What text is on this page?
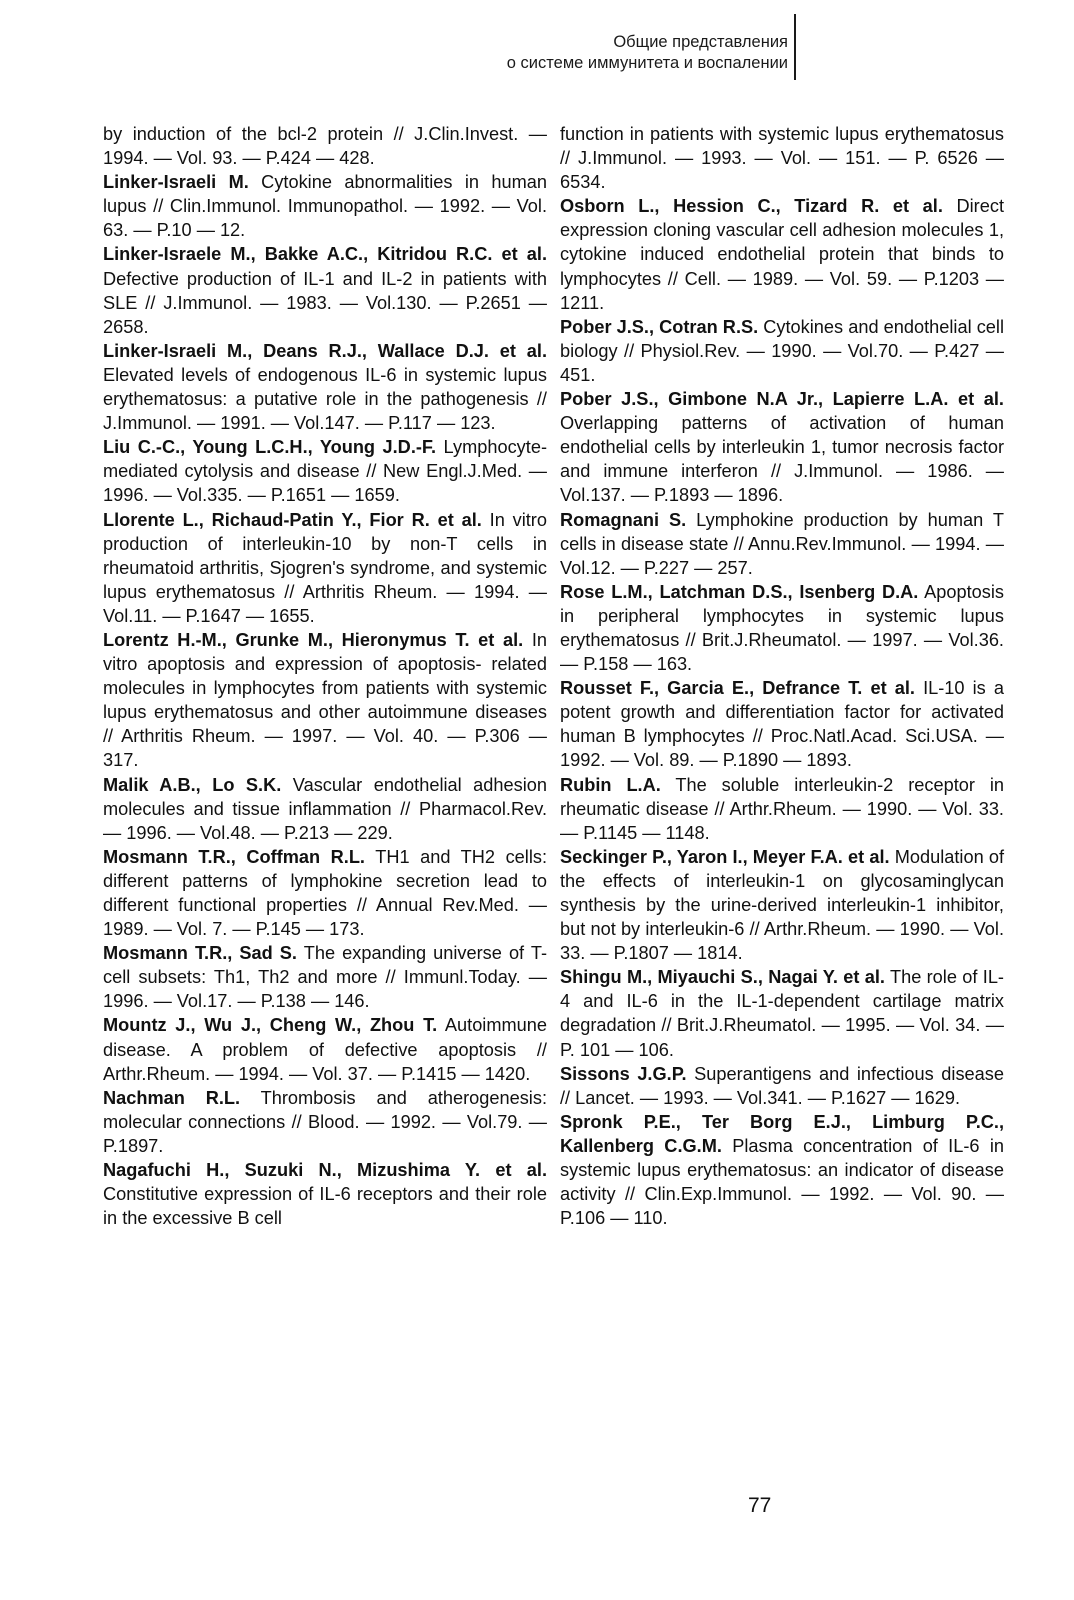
Общие представления
о системе иммунитета и воспалении

by induction of the bcl-2 protein // J.Clin.Invest. — 1994. — Vol. 93. — P.424 — 428.

Linker-Israeli M. Cytokine abnormalities in human lupus // Clin.Immunol. Immunopathol. — 1992. — Vol. 63. — P.10 — 12.

Linker-Israele M., Bakke A.C., Kitridou R.C. et al. Defective production of IL-1 and IL-2 in patients with SLE // J.Immunol. — 1983. — Vol.130. — P.2651 — 2658.

Linker-Israeli M., Deans R.J., Wallace D.J. et al. Elevated levels of endogenous IL-6 in systemic lupus erythematosus: a putative role in the pathogenesis // J.Immunol. — 1991. — Vol.147. — P.117 — 123.

Liu C.-C., Young L.C.H., Young J.D.-F. Lymphocyte-mediated cytolysis and disease // New Engl.J.Med. — 1996. — Vol.335. — P.1651 — 1659.

Llorente L., Richaud-Patin Y., Fior R. et al. In vitro production of interleukin-10 by non-T cells in rheumatoid arthritis, Sjogren's syndrome, and systemic lupus erythematosus // Arthritis Rheum. — 1994. — Vol.11. — P.1647 — 1655.

Lorentz H.-M., Grunke M., Hieronymus T. et al. In vitro apoptosis and expression of apoptosis- related molecules in lymphocytes from patients with systemic lupus erythematosus and other autoimmune diseases // Arthritis Rheum. — 1997. — Vol. 40. — P.306 — 317.

Malik A.B., Lo S.K. Vascular endothelial adhesion molecules and tissue inflammation // Pharmacol.Rev. — 1996. — Vol.48. — P.213 — 229.

Mosmann T.R., Coffman R.L. TH1 and TH2 cells: different patterns of lymphokine secretion lead to different functional properties // Annual Rev.Med. — 1989. — Vol. 7. — P.145 — 173.

Mosmann T.R., Sad S. The expanding universe of T-cell subsets: Th1, Th2 and more // Immunl.Today. — 1996. — Vol.17. — P.138 — 146.

Mountz J., Wu J., Cheng W., Zhou T. Autoimmune disease. A problem of defective apoptosis // Arthr.Rheum. — 1994. — Vol. 37. — P.1415 — 1420.

Nachman R.L. Thrombosis and atherogenesis: molecular connections // Blood. — 1992. — Vol.79. — P.1897.

Nagafuchi H., Suzuki N., Mizushima Y. et al. Constitutive expression of IL-6 receptors and their role in the excessive B cell

function in patients with systemic lupus erythematosus // J.Immunol. — 1993. — Vol. — 151. — P. 6526 — 6534.

Osborn L., Hession C., Tizard R. et al. Direct expression cloning vascular cell adhesion molecules 1, cytokine induced endothelial protein that binds to lymphocytes // Cell. — 1989. — Vol. 59. — P.1203 — 1211.

Pober J.S., Cotran R.S. Cytokines and endothelial cell biology // Physiol.Rev. — 1990. — Vol.70. — P.427 — 451.

Pober J.S., Gimbone N.A Jr., Lapierre L.A. et al. Overlapping patterns of activation of human endothelial cells by interleukin 1, tumor necrosis factor and immune interferon // J.Immunol. — 1986. — Vol.137. — P.1893 — 1896.

Romagnani S. Lymphokine production by human T cells in disease state // Annu.Rev.Immunol. — 1994. — Vol.12. — P.227 — 257.

Rose L.M., Latchman D.S., Isenberg D.A. Apoptosis in peripheral lymphocytes in systemic lupus erythematosus // Brit.J.Rheumatol. — 1997. — Vol.36. — P.158 — 163.

Rousset F., Garcia E., Defrance T. et al. IL-10 is a potent growth and differentiation factor for activated human B lymphocytes // Proc.Natl.Acad. Sci.USA. — 1992. — Vol. 89. — P.1890 — 1893.

Rubin L.A. The soluble interleukin-2 receptor in rheumatic disease // Arthr.Rheum. — 1990. — Vol. 33. — P.1145 — 1148.

Seckinger P., Yaron I., Meyer F.A. et al. Modulation of the effects of interleukin-1 on glycosaminglycan synthesis by the urine-derived interleukin-1 inhibitor, but not by interleukin-6 // Arthr.Rheum. — 1990. — Vol. 33. — P.1807 — 1814.

Shingu M., Miyauchi S., Nagai Y. et al. The role of IL-4 and IL-6 in the IL-1-dependent cartilage matrix degradation // Brit.J.Rheumatol. — 1995. — Vol. 34. — P. 101 — 106.

Sissons J.G.P. Superantigens and infectious disease // Lancet. — 1993. — Vol.341. — P.1627 — 1629.

Spronk P.E., Ter Borg E.J., Limburg P.C., Kallenberg C.G.M. Plasma concentration of IL-6 in systemic lupus erythematosus: an indicator of disease activity // Clin.Exp.Immunol. — 1992. — Vol. 90. — P.106 — 110.

77
